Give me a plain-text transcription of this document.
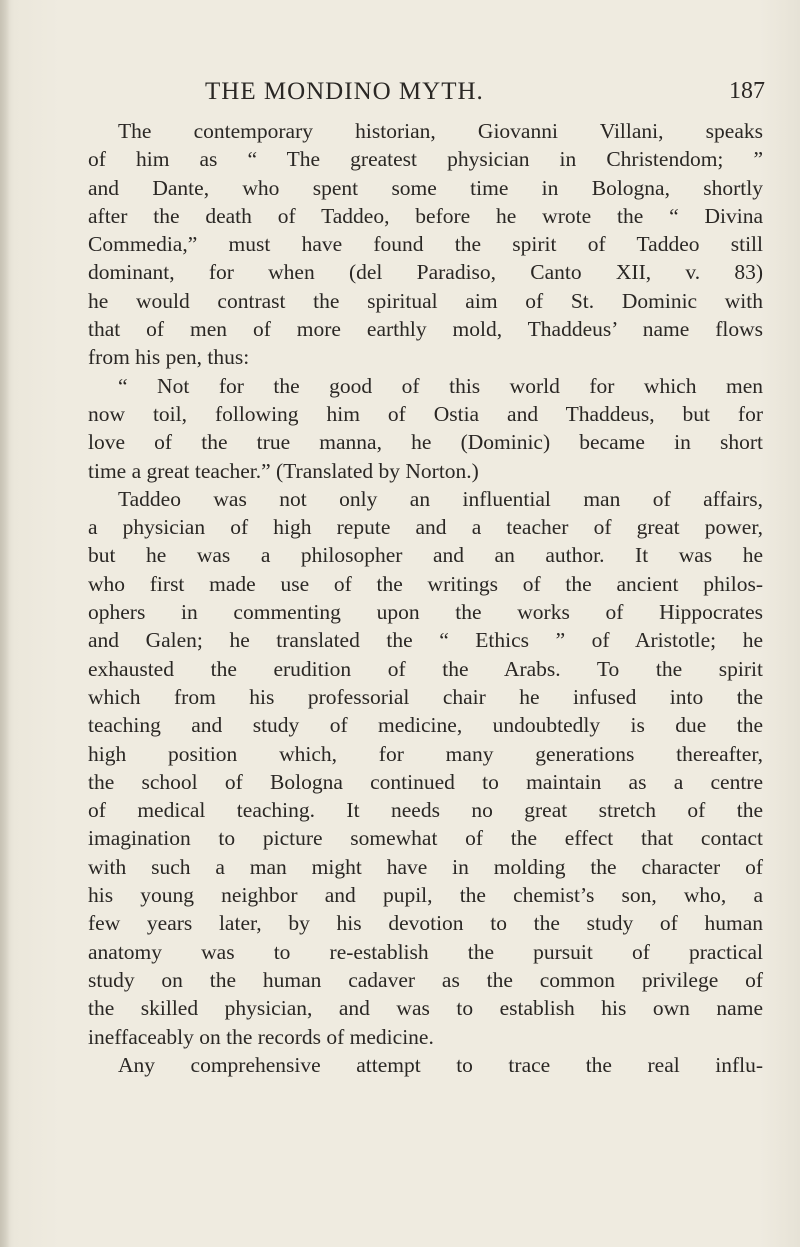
THE MONDINO MYTH.	187
The contemporary historian, Giovanni Villani, speaks
of him as “ The greatest physician in Christendom; ”
and Dante, who spent some time in Bologna, shortly
after the death of Taddeo, before he wrote the “ Divina
Commedia,” must have found the spirit of Taddeo still
dominant, for when (del Paradiso, Canto XII, v. 83)
he would contrast the spiritual aim of St. Dominic with
that of men of more earthly mold, Thaddeus’ name flows
from his pen, thus:
“ Not for the good of this world for which men
now toil, following him of Ostia and Thaddeus, but for
love of the true manna, he (Dominic) became in short
time a great teacher.” (Translated by Norton.)
Taddeo was not only an influential man of affairs,
a physician of high repute and a teacher of great power,
but he was a philosopher and an author. It was he
who first made use of the writings of the ancient philos-
ophers in commenting upon the works of Hippocrates
and Galen; he translated the “ Ethics ” of Aristotle; he
exhausted the erudition of the Arabs. To the spirit
which from his professorial chair he infused into the
teaching and study of medicine, undoubtedly is due the
high position which, for many generations thereafter,
the school of Bologna continued to maintain as a centre
of medical teaching. It needs no great stretch of the
imagination to picture somewhat of the effect that contact
with such a man might have in molding the character of
his young neighbor and pupil, the chemist’s son, who, a
few years later, by his devotion to the study of human
anatomy was to re-establish the pursuit of practical
study on the human cadaver as the common privilege of
the skilled physician, and was to establish his own name
ineffaceably on the records of medicine.
Any comprehensive attempt to trace the real influ-
